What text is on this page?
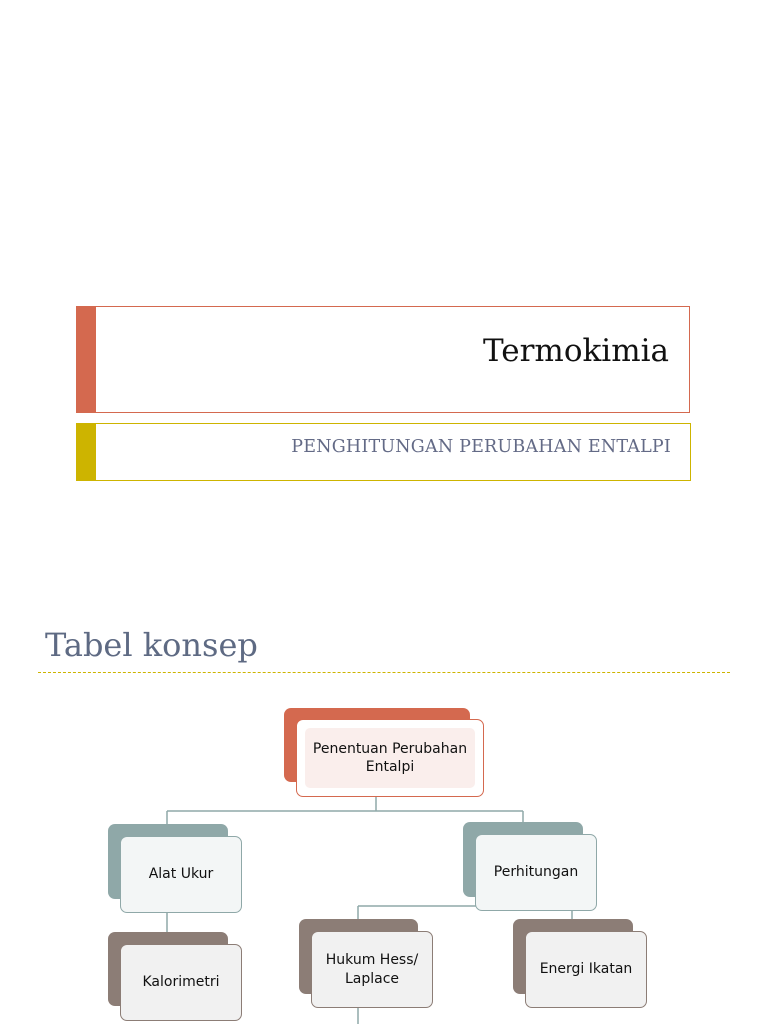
Termokimia
PENGHITUNGAN PERUBAHAN ENTALPI
Tabel konsep
Penentuan Perubahan Entalpi
Alat Ukur
Kalorimetri
Perhitungan
Hukum Hess/ Laplace
Energi Ikatan
